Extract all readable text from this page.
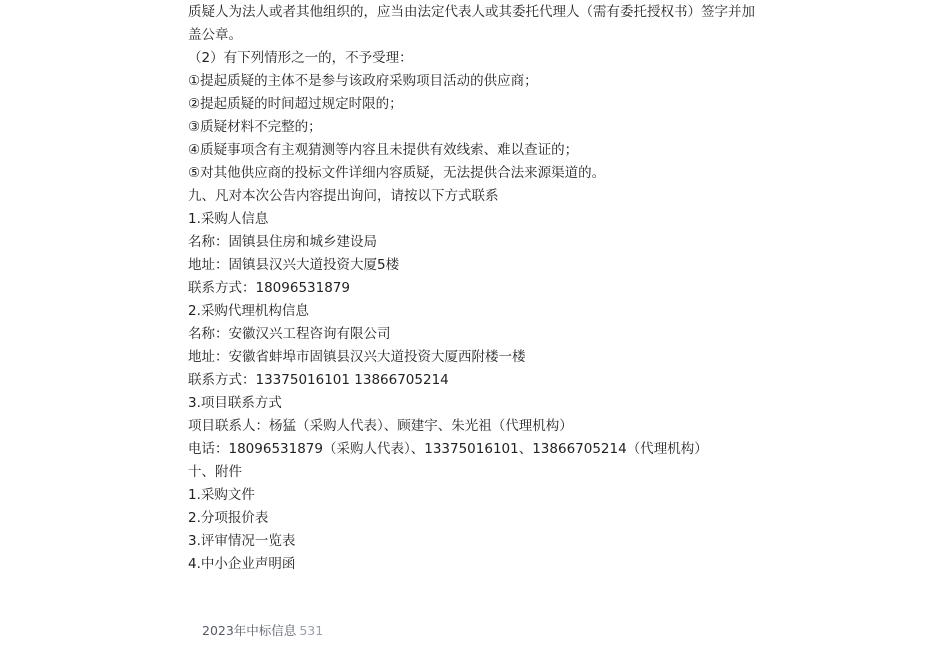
质疑人为法人或者其他组织的，应当由法定代表人或其委托代理人（需有委托授权书）签字并加盖公章。

（2）有下列情形之一的，不予受理：

①提起质疑的主体不是参与该政府采购项目活动的供应商；

②提起质疑的时间超过规定时限的；

③质疑材料不完整的；

④质疑事项含有主观猜测等内容且未提供有效线索、难以查证的；

⑤对其他供应商的投标文件详细内容质疑，无法提供合法来源渠道的。

九、凡对本次公告内容提出询问，请按以下方式联系

1.采购人信息

名称：固镇县住房和城乡建设局

地址：固镇县汉兴大道投资大厦5楼

联系方式：18096531879

2.采购代理机构信息

名称：安徽汉兴工程咨询有限公司

地址：安徽省蚌埠市固镇县汉兴大道投资大厦西附楼一楼

联系方式：13375016101 13866705214

3.项目联系方式

项目联系人：杨猛（采购人代表）、顾建宇、朱光祖（代理机构）

电话：18096531879（采购人代表）、13375016101、13866705214（代理机构）

十、附件

1.采购文件

2.分项报价表

3.评审情况一览表

4.中小企业声明函

2023年中标信息 531
